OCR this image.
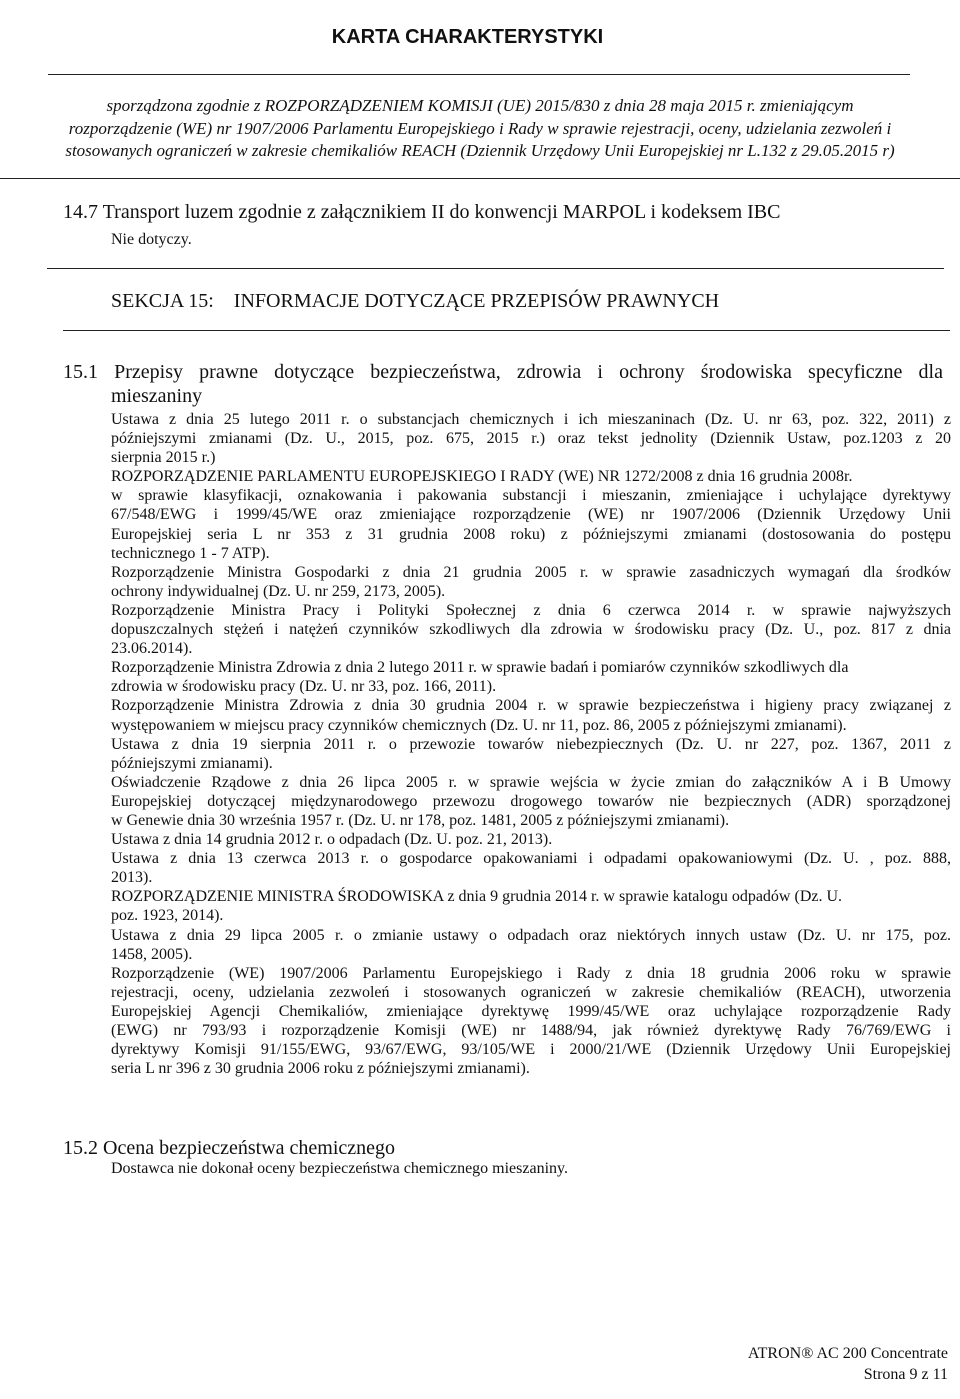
KARTA CHARAKTERYSTYKI
sporządzona zgodnie z ROZPORZĄDZENIEM KOMISJI (UE) 2015/830 z dnia 28 maja 2015 r. zmieniającym
rozporządzenie (WE) nr 1907/2006 Parlamentu Europejskiego i Rady w sprawie rejestracji, oceny, udzielania zezwoleń i
stosowanych ograniczeń w zakresie chemikaliów REACH (Dziennik Urzędowy Unii Europejskiej nr L.132 z 29.05.2015 r)
14.7 Transport luzem zgodnie z załącznikiem II do konwencji MARPOL i kodeksem IBC
Nie dotyczy.
SEKCJA 15:    INFORMACJE DOTYCZĄCE PRZEPISÓW PRAWNYCH
15.1 Przepisy prawne dotyczące bezpieczeństwa, zdrowia i ochrony środowiska specyficzne dla
mieszaniny
Ustawa z dnia 25 lutego 2011 r. o substancjach chemicznych i ich mieszaninach (Dz. U. nr 63, poz. 322, 2011) z
późniejszymi zmianami (Dz. U., 2015, poz. 675, 2015 r.) oraz tekst jednolity (Dziennik Ustaw, poz.1203 z 20
sierpnia 2015 r.)
ROZPORZĄDZENIE PARLAMENTU EUROPEJSKIEGO I RADY (WE) NR 1272/2008 z dnia 16 grudnia 2008r.
w sprawie klasyfikacji, oznakowania i pakowania substancji i mieszanin, zmieniające i uchylające dyrektywy
67/548/EWG i 1999/45/WE oraz zmieniające rozporządzenie (WE) nr 1907/2006 (Dziennik Urzędowy Unii
Europejskiej seria L nr 353 z 31 grudnia 2008 roku) z późniejszymi zmianami (dostosowania do postępu
technicznego 1 - 7 ATP).
Rozporządzenie Ministra Gospodarki z dnia 21 grudnia 2005 r. w sprawie zasadniczych wymagań dla środków
ochrony indywidualnej (Dz. U. nr 259, 2173, 2005).
Rozporządzenie Ministra Pracy i Polityki Społecznej z dnia 6 czerwca 2014 r. w sprawie najwyższych
dopuszczalnych stężeń i natężeń czynników szkodliwych dla zdrowia w środowisku pracy (Dz. U., poz. 817 z dnia
23.06.2014).
Rozporządzenie Ministra Zdrowia z dnia 2 lutego 2011 r. w sprawie badań i pomiarów czynników szkodliwych dla
zdrowia w środowisku pracy (Dz. U. nr 33, poz. 166, 2011).
Rozporządzenie Ministra Zdrowia z dnia 30 grudnia 2004 r. w sprawie bezpieczeństwa i higieny pracy związanej z
występowaniem w miejscu pracy czynników chemicznych (Dz. U. nr 11, poz. 86, 2005 z późniejszymi zmianami).
Ustawa z dnia 19 sierpnia 2011 r. o przewozie towarów niebezpiecznych (Dz. U. nr 227, poz. 1367, 2011 z
późniejszymi zmianami).
Oświadczenie Rządowe z dnia 26 lipca 2005 r. w sprawie wejścia w życie zmian do załączników A i B Umowy
Europejskiej dotyczącej międzynarodowego przewozu drogowego towarów nie bezpiecznych (ADR) sporządzonej
w Genewie dnia 30 września 1957 r. (Dz. U. nr 178, poz. 1481, 2005 z późniejszymi zmianami).
Ustawa z dnia 14 grudnia 2012 r. o odpadach (Dz. U. poz. 21, 2013).
Ustawa z dnia 13 czerwca 2013 r. o gospodarce opakowaniami i odpadami opakowaniowymi (Dz. U. , poz. 888,
2013).
ROZPORZĄDZENIE MINISTRA ŚRODOWISKA z dnia 9 grudnia 2014 r. w sprawie katalogu odpadów (Dz. U.
poz. 1923, 2014).
Ustawa z dnia 29 lipca 2005 r. o zmianie ustawy o odpadach oraz niektórych innych ustaw (Dz. U. nr 175, poz.
1458, 2005).
Rozporządzenie (WE) 1907/2006 Parlamentu Europejskiego i Rady z dnia 18 grudnia 2006 roku w sprawie
rejestracji, oceny, udzielania zezwoleń i stosowanych ograniczeń w zakresie chemikaliów (REACH), utworzenia
Europejskiej Agencji Chemikaliów, zmieniające dyrektywę 1999/45/WE oraz uchylające rozporządzenie Rady
(EWG) nr 793/93 i rozporządzenie Komisji (WE) nr 1488/94, jak również dyrektywę Rady 76/769/EWG i
dyrektywy Komisji 91/155/EWG, 93/67/EWG, 93/105/WE i 2000/21/WE (Dziennik Urzędowy Unii Europejskiej
seria L nr 396 z 30 grudnia 2006 roku z późniejszymi zmianami).
15.2 Ocena bezpieczeństwa chemicznego
Dostawca nie dokonał oceny bezpieczeństwa chemicznego mieszaniny.
ATRON® AC 200 Concentrate
Strona 9 z 11
